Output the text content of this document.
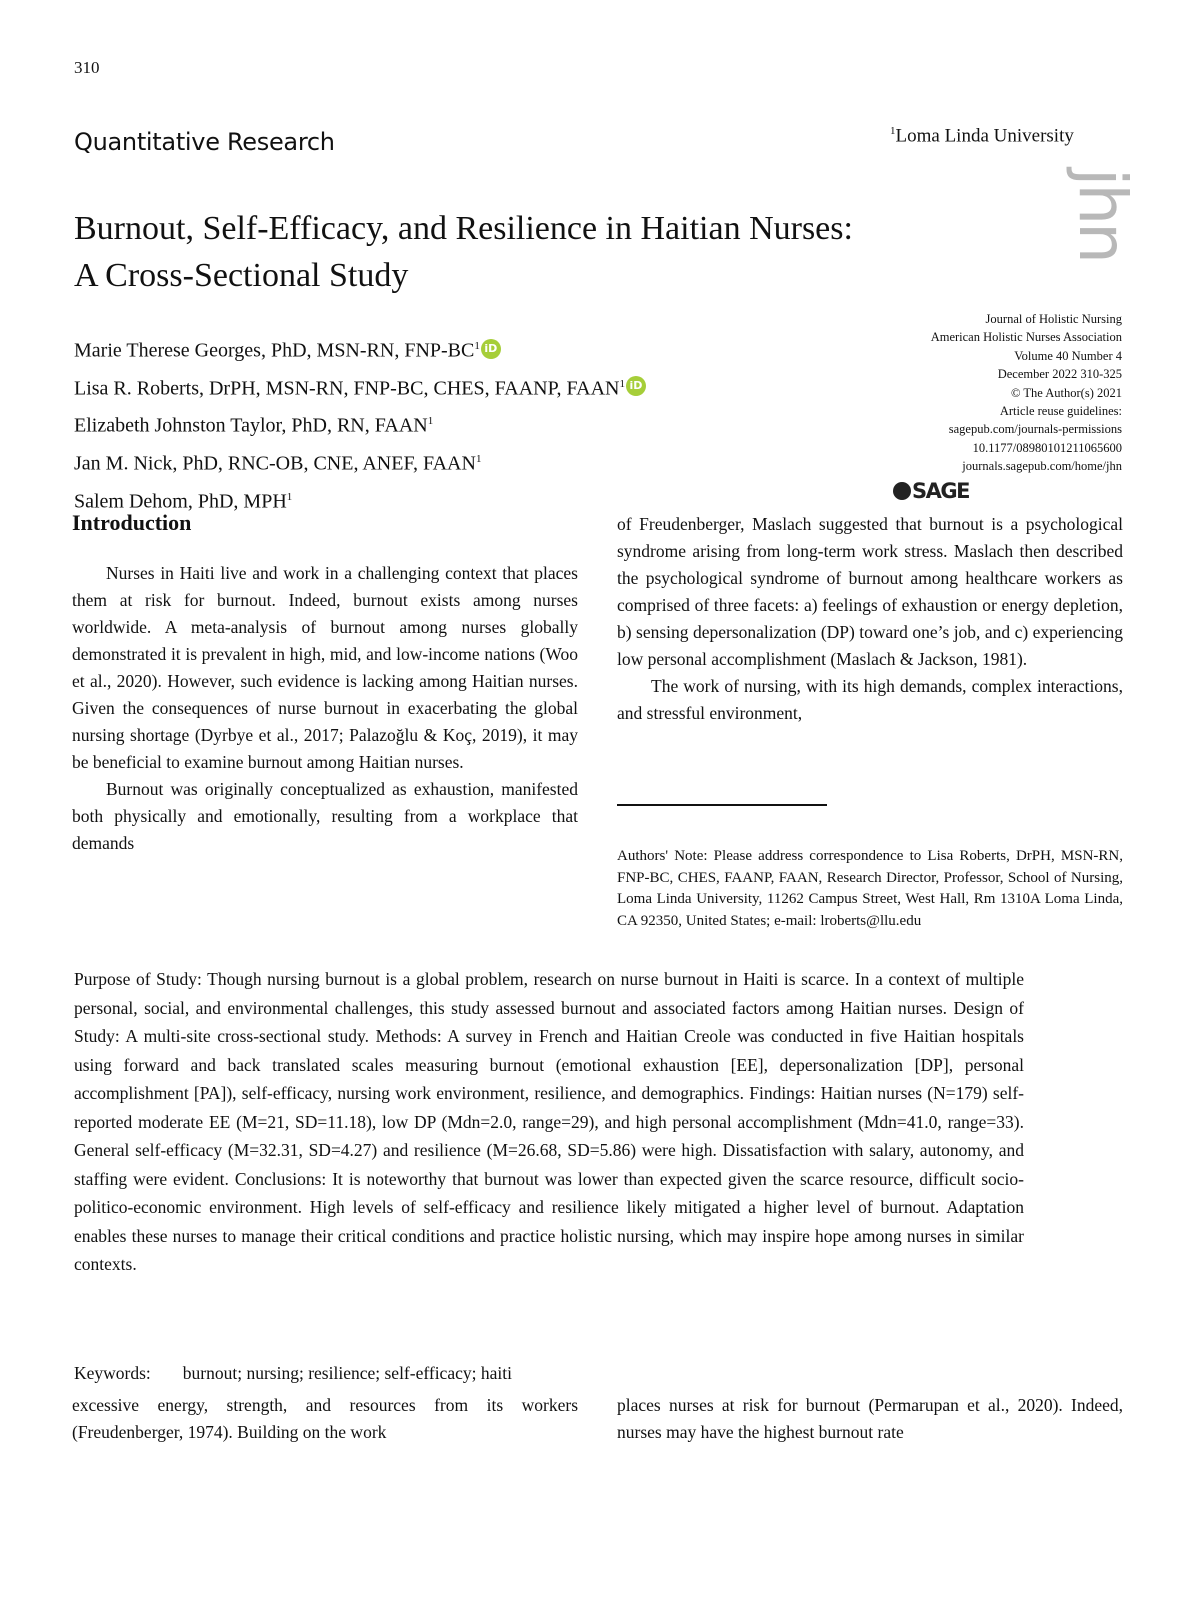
310
Quantitative Research	$^1$Loma Linda University
jhn
Burnout, Self-Efficacy, and Resilience in Haitian Nurses: A Cross-Sectional Study
Marie Therese Georges, PhD, MSN-RN, FNP-$BC^1$ iD
Lisa R. Roberts, DrPH, MSN-RN, FNP-BC, CHES, FAANP, FAAN$^1$ iD
Elizabeth Johnston Taylor, PhD, RN, FAAN$^1$
Jan M. Nick, PhD, RNC-OB, CNE, ANEF, FAAN$^1$
Salem Dehom, PhD, MPH$^1$
Journal of Holistic Nursing
American Holistic Nurses Association
Volume 40 Number 4
December 2022 310-325
© The Author(s) 2021
Article reuse guidelines:
sagepub.com/journals-permissions
10.1177/08980101211065600
journals.sagepub.com/home/jhn
SAGE
Introduction

Nurses in Haiti live and work in a challenging context that places them at risk for burnout. Indeed, burnout exists among nurses worldwide. A meta-analysis of burnout among nurses globally demonstrated it is prevalent in high, mid, and low-income nations (Woo et al., 2020). However, such evidence is lacking among Haitian nurses. Given the consequences of nurse burnout in exacerbating the global nursing shortage (Dyrbye et al., 2017; Palazoğlu & Koç, 2019), it may be beneficial to examine burnout among Haitian nurses.

Burnout was originally conceptualized as exhaustion, manifested both physically and emotionally, resulting from a workplace that demands

of Freudenberger, Maslach suggested that burnout is a psychological syndrome arising from long-term work stress. Maslach then described the psychological syndrome of burnout among healthcare workers as comprised of three facets: a) feelings of exhaustion or energy depletion, b) sensing depersonalization (DP) toward one’s job, and c) experiencing low personal accomplishment (Maslach & Jackson, 1981).

The work of nursing, with its high demands, complex interactions, and stressful environment,

Authors' Note: Please address correspondence to Lisa Roberts, DrPH, MSN-RN, FNP-BC, CHES, FAANP, FAAN, Research Director, Professor, School of Nursing, Loma Linda University, 11262 Campus Street, West Hall, Rm 1310A Loma Linda, CA 92350, United States; e-mail: lroberts@llu.edu

Purpose of Study: Though nursing burnout is a global problem, research on nurse burnout in Haiti is scarce. In a context of multiple personal, social, and environmental challenges, this study assessed burnout and associated factors among Haitian nurses. Design of Study: A multi-site cross-sectional study. Methods: A survey in French and Haitian Creole was conducted in five Haitian hospitals using forward and back translated scales measuring burnout (emotional exhaustion [EE], depersonalization [DP], personal accomplishment [PA]), self-efficacy, nursing work environment, resilience, and demographics. Findings: Haitian nurses (N=179) self-reported moderate EE (M=21, SD=11.18), low DP (Mdn=2.0, range=29), and high personal accomplishment (Mdn=41.0, range=33). General self-efficacy (M=32.31, SD=4.27) and resilience (M=26.68, SD=5.86) were high. Dissatisfaction with salary, autonomy, and staffing were evident. Conclusions: It is noteworthy that burnout was lower than expected given the scarce resource, difficult socio-politico-economic environment. High levels of self-efficacy and resilience likely mitigated a higher level of burnout. Adaptation enables these nurses to manage their critical conditions and practice holistic nursing, which may inspire hope among nurses in similar contexts.

Keywords: burnout; nursing; resilience; self-efficacy; haiti

excessive energy, strength, and resources from its workers (Freudenberger, 1974). Building on the work

places nurses at risk for burnout (Permarupan et al., 2020). Indeed, nurses may have the highest burnout rate
